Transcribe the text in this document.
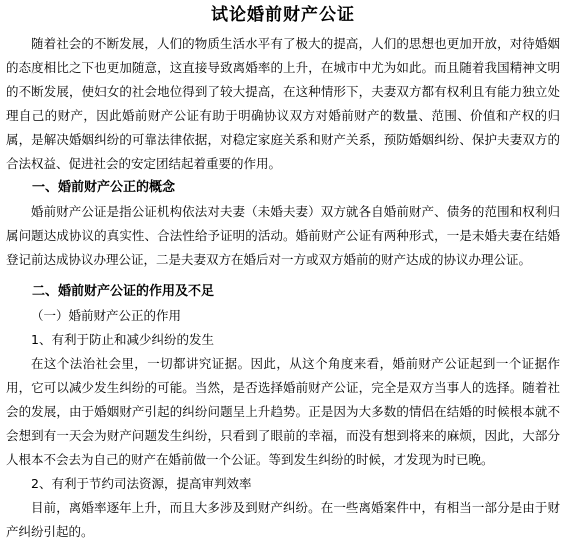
试论婚前财产公证

随着社会的不断发展，人们的物质生活水平有了极大的提高，人们的思想也更加开放，对待婚姻的态度相比之下也更加随意，这直接导致离婚率的上升，在城市中尤为如此。而且随着我国精神文明的不断发展，使妇女的社会地位得到了较大提高，在这种情形下，夫妻双方都有权利且有能力独立处理自己的财产，因此婚前财产公证有助于明确协议双方对婚前财产的数量、范围、价值和产权的归属，是解决婚姻纠纷的可靠法律依据，对稳定家庭关系和财产关系，预防婚姻纠纷、保护夫妻双方的合法权益、促进社会的安定团结起着重要的作用。

一、婚前财产公正的概念

婚前财产公证是指公证机构依法对夫妻（未婚夫妻）双方就各自婚前财产、债务的范围和权利归属问题达成协议的真实性、合法性给予证明的活动。婚前财产公证有两种形式，一是未婚夫妻在结婚登记前达成协议办理公证，二是夫妻双方在婚后对一方或双方婚前的财产达成的协议办理公证。

二、婚前财产公证的作用及不足
（一）婚前财产公正的作用
1、有利于防止和减少纠纷的发生

在这个法治社会里，一切都讲究证据。因此，从这个角度来看，婚前财产公证起到一个证据作用，它可以减少发生纠纷的可能。当然，是否选择婚前财产公证，完全是双方当事人的选择。随着社会的发展，由于婚姻财产引起的纠纷问题呈上升趋势。正是因为大多数的情侣在结婚的时候根本就不会想到有一天会为财产问题发生纠纷，只看到了眼前的幸福，而没有想到将来的麻烦，因此，大部分人根本不会去为自己的财产在婚前做一个公证。等到发生纠纷的时候，才发现为时已晚。

2、有利于节约司法资源，提高审判效率

目前，离婚率逐年上升，而且大多涉及到财产纠纷。在一些离婚案件中，有相当一部分是由于财产纠纷引起的。
